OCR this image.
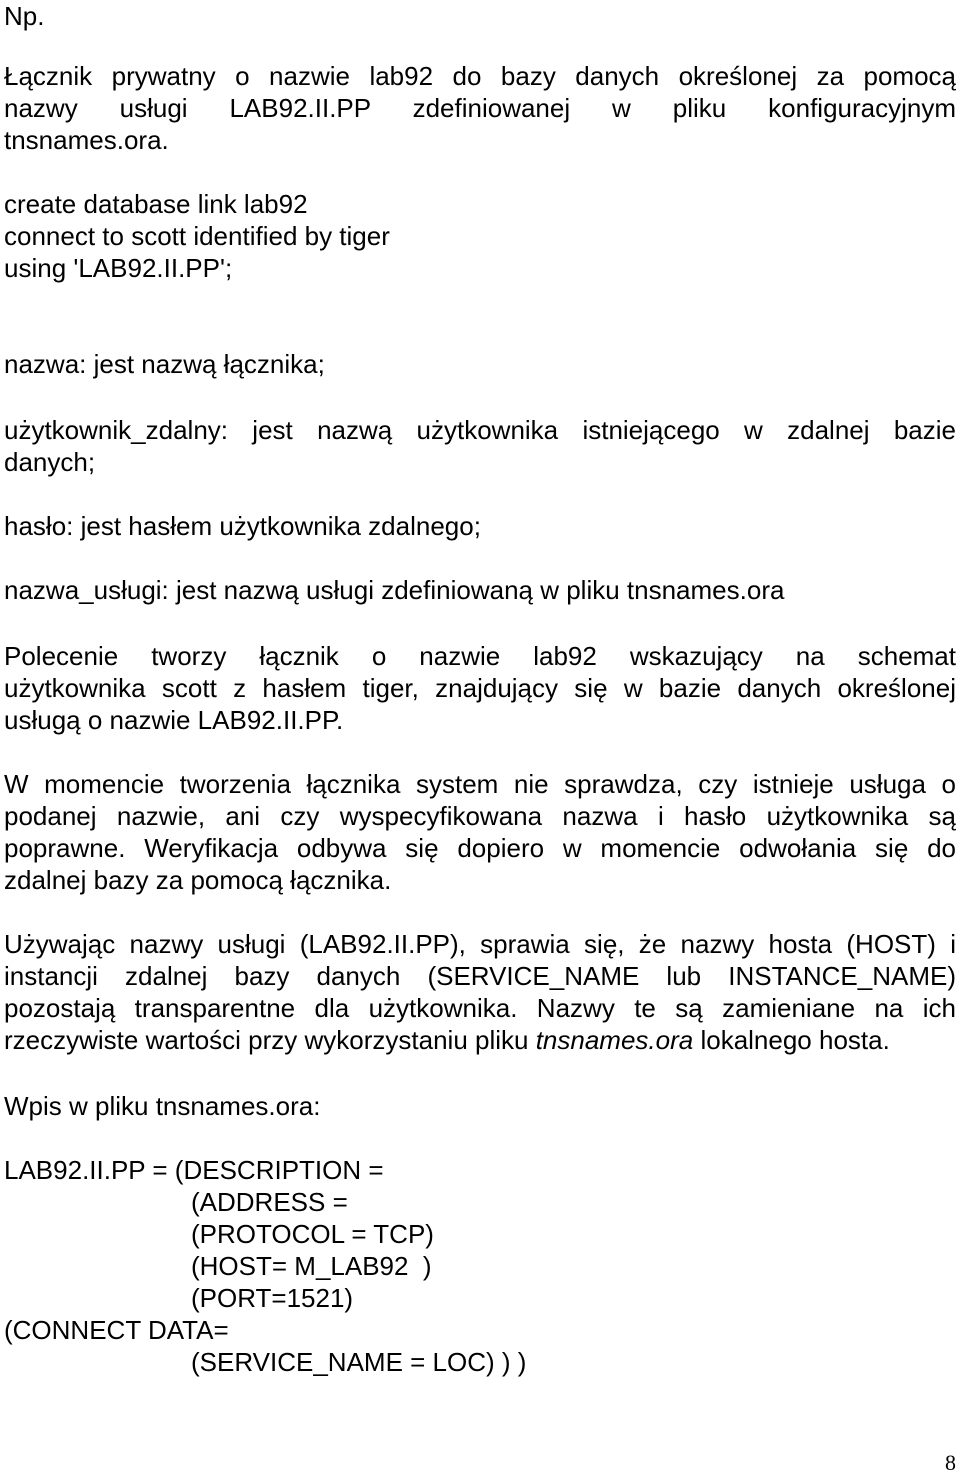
Np.
Łącznik prywatny o nazwie lab92 do bazy danych określonej za pomocą
nazwy usługi LAB92.II.PP zdefiniowanej w pliku konfiguracyjnym
tnsnames.ora.
create database link lab92
connect to scott identified by tiger
using 'LAB92.II.PP';
nazwa: jest nazwą łącznika;
użytkownik_zdalny: jest nazwą użytkownika istniejącego w zdalnej bazie
danych;
hasło: jest hasłem użytkownika zdalnego;
nazwa_usługi: jest nazwą usługi zdefiniowaną w pliku tnsnames.ora
Polecenie tworzy łącznik o nazwie lab92 wskazujący na schemat
użytkownika scott z hasłem tiger, znajdujący się w bazie danych określonej
usługą o nazwie LAB92.II.PP.
W momencie tworzenia łącznika system nie sprawdza, czy istnieje usługa o
podanej nazwie, ani czy wyspecyfikowana nazwa i hasło użytkownika są
poprawne. Weryfikacja odbywa się dopiero w momencie odwołania się do
zdalnej bazy za pomocą łącznika.
Używając nazwy usługi (LAB92.II.PP), sprawia się, że nazwy hosta (HOST) i
instancji zdalnej bazy danych (SERVICE_NAME lub INSTANCE_NAME)
pozostają transparentne dla użytkownika. Nazwy te są zamieniane na ich
rzeczywiste wartości przy wykorzystaniu pliku tnsnames.ora lokalnego hosta.
Wpis w pliku tnsnames.ora:
LAB92.II.PP = (DESCRIPTION =
(ADDRESS =
(PROTOCOL = TCP)
(HOST= M_LAB92  )
(PORT=1521)
(CONNECT DATA=
(SERVICE_NAME = LOC) ) )
8
